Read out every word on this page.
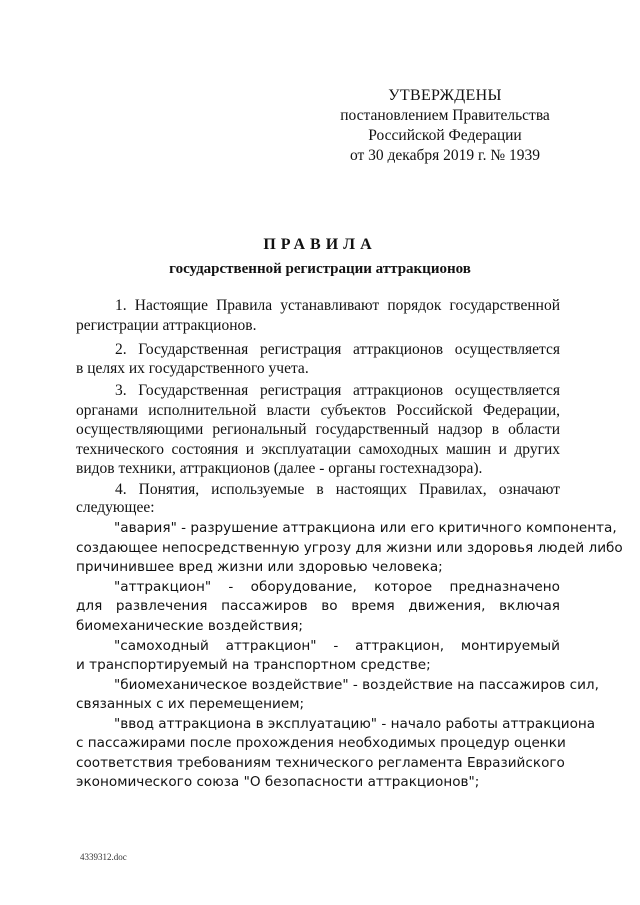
УТВЕРЖДЕНЫ
постановлением Правительства
Российской Федерации
от 30 декабря 2019 г. № 1939
ПРАВИЛА
государственной регистрации аттракционов
1. Настоящие Правила устанавливают порядок государственной
регистрации аттракционов.
2. Государственная регистрация аттракционов осуществляется
в целях их государственного учета.
3. Государственная регистрация аттракционов осуществляется
органами исполнительной власти субъектов Российской Федерации,
осуществляющими региональный государственный надзор в области
технического состояния и эксплуатации самоходных машин и других
видов техники, аттракционов (далее - органы гостехнадзора).
4. Понятия, используемые в настоящих Правилах, означают
следующее:
"авария" - разрушение аттракциона или его критичного компонента,
создающее непосредственную угрозу для жизни или здоровья людей либо
причинившее вред жизни или здоровью человека;
"аттракцион" - оборудование, которое предназначено
для развлечения пассажиров во время движения, включая
биомеханические воздействия;
"самоходный аттракцион" - аттракцион, монтируемый
и транспортируемый на транспортном средстве;
"биомеханическое воздействие" - воздействие на пассажиров сил,
связанных с их перемещением;
"ввод аттракциона в эксплуатацию" - начало работы аттракциона
с пассажирами после прохождения необходимых процедур оценки
соответствия требованиям технического регламента Евразийского
экономического союза "О безопасности аттракционов";
4339312.doc
